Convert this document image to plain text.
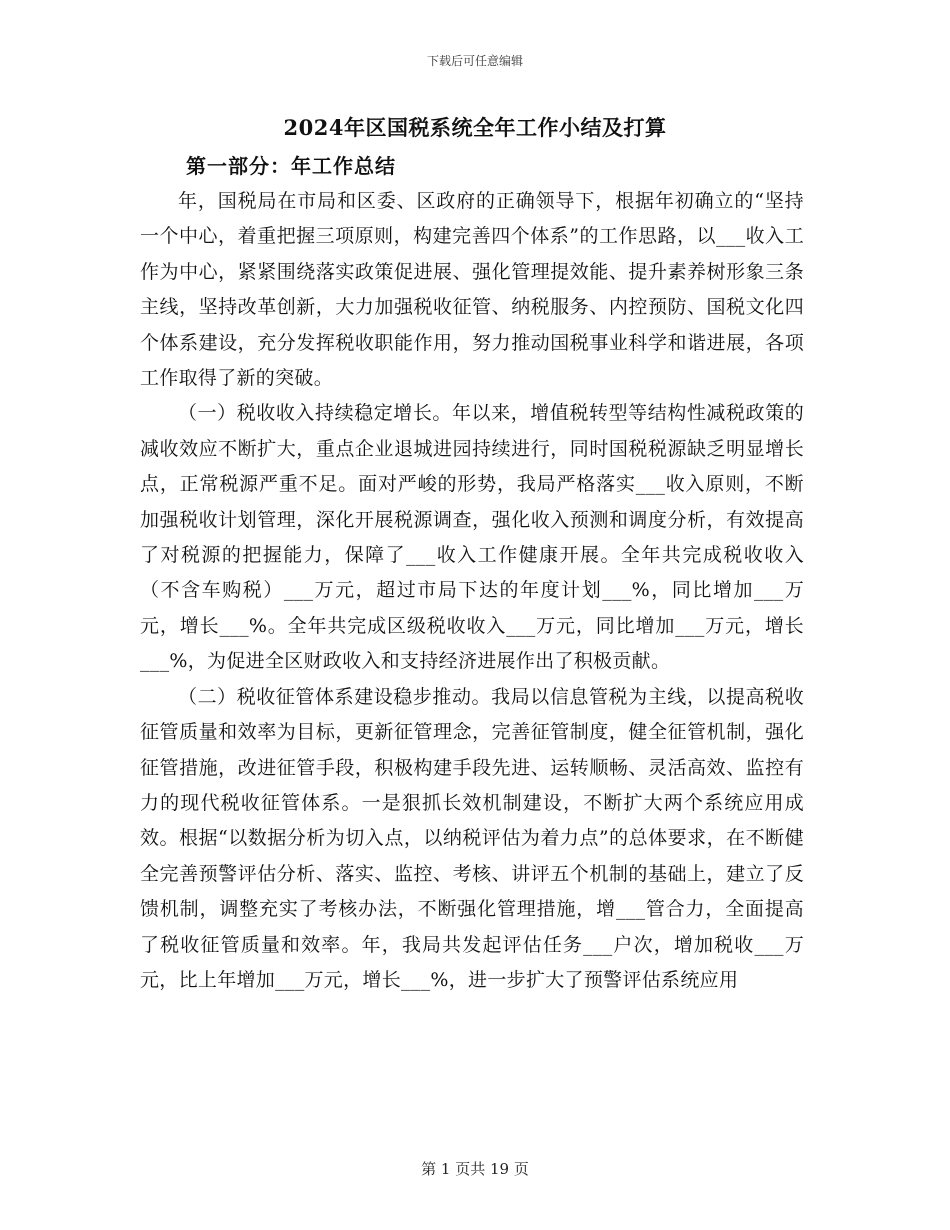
下载后可任意编辑
2024年区国税系统全年工作小结及打算
第一部分：年工作总结

年，国税局在市局和区委、区政府的正确领导下，根据年初确立的“坚持一个中心，着重把握三项原则，构建完善四个体系”的工作思路，以___收入工作为中心，紧紧围绕落实政策促进展、强化管理提效能、提升素养树形象三条主线，坚持改革创新，大力加强税收征管、纳税服务、内控预防、国税文化四个体系建设，充分发挥税收职能作用，努力推动国税事业科学和谐进展，各项工作取得了新的突破。

（一）税收收入持续稳定增长。年以来，增值税转型等结构性减税政策的减收效应不断扩大，重点企业退城进园持续进行，同时国税税源缺乏明显增长点，正常税源严重不足。面对严峻的形势，我局严格落实___收入原则，不断加强税收计划管理，深化开展税源调查，强化收入预测和调度分析，有效提高了对税源的把握能力，保障了___收入工作健康开展。全年共完成税收收入（不含车购税）___万元，超过市局下达的年度计划___%，同比增加___万元，增长___%。全年共完成区级税收收入___万元，同比增加___万元，增长___%，为促进全区财政收入和支持经济进展作出了积极贡献。

（二）税收征管体系建设稳步推动。我局以信息管税为主线，以提高税收征管质量和效率为目标，更新征管理念，完善征管制度，健全征管机制，强化征管措施，改进征管手段，积极构建手段先进、运转顺畅、灵活高效、监控有力的现代税收征管体系。一是狠抓长效机制建设，不断扩大两个系统应用成效。根据“以数据分析为切入点，以纳税评估为着力点”的总体要求，在不断健全完善预警评估分析、落实、监控、考核、讲评五个机制的基础上，建立了反馈机制，调整充实了考核办法，不断强化管理措施，增___管合力，全面提高了税收征管质量和效率。年，我局共发起评估任务___户次，增加税收___万元，比上年增加___万元，增长___%，进一步扩大了预警评估系统应用

第 1 页共 19 页
